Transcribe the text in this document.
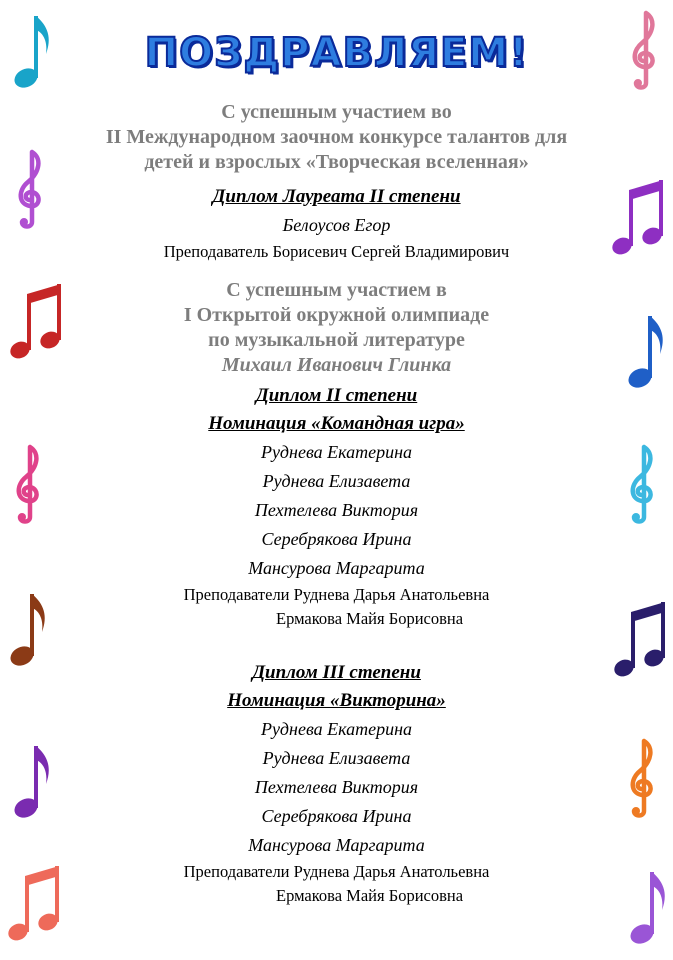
ПОЗДРАВЛЯЕМ!

С успешным участием во

II Международном заочном конкурсе талантов для

детей и взрослых «Творческая вселенная»

Диплом Лауреата II степени

Белоусов Егор

Преподаватель Борисевич Сергей Владимирович

С успешным участием в

I Открытой окружной олимпиаде

по музыкальной литературе

Михаил Иванович Глинка

Диплом II степени

Номинация «Командная игра»

Руднева Екатерина

Руднева Елизавета

Пехтелева Виктория

Серебрякова Ирина

Мансурова Маргарита

Преподаватели Руднева Дарья Анатольевна

Ермакова Майя Борисовна

Диплом III степени

Номинация «Викторина»

Руднева Екатерина

Руднева Елизавета

Пехтелева Виктория

Серебрякова Ирина

Мансурова Маргарита

Преподаватели Руднева Дарья Анатольевна

Ермакова Майя Борисовна
